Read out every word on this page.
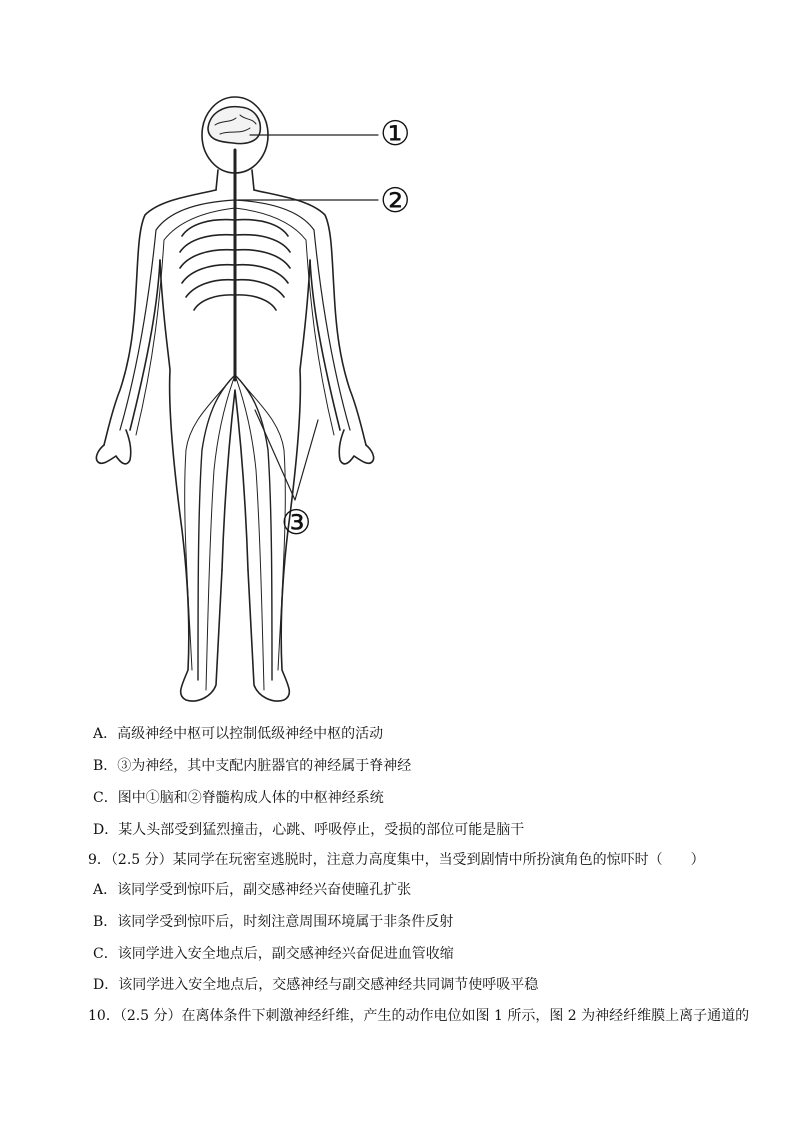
①
②
③
A．高级神经中枢可以控制低级神经中枢的活动
B．③为神经，其中支配内脏器官的神经属于脊神经
C．图中①脑和②脊髓构成人体的中枢神经系统
D．某人头部受到猛烈撞击，心跳、呼吸停止，受损的部位可能是脑干
9．（2.5 分）某同学在玩密室逃脱时，注意力高度集中，当受到剧情中所扮演角色的惊吓时（　　）
A．该同学受到惊吓后，副交感神经兴奋使瞳孔扩张
B．该同学受到惊吓后，时刻注意周围环境属于非条件反射
C．该同学进入安全地点后，副交感神经兴奋促进血管收缩
D．该同学进入安全地点后，交感神经与副交感神经共同调节使呼吸平稳
10．（2.5 分）在离体条件下刺激神经纤维，产生的动作电位如图 1 所示，图 2 为神经纤维膜上离子通道的
